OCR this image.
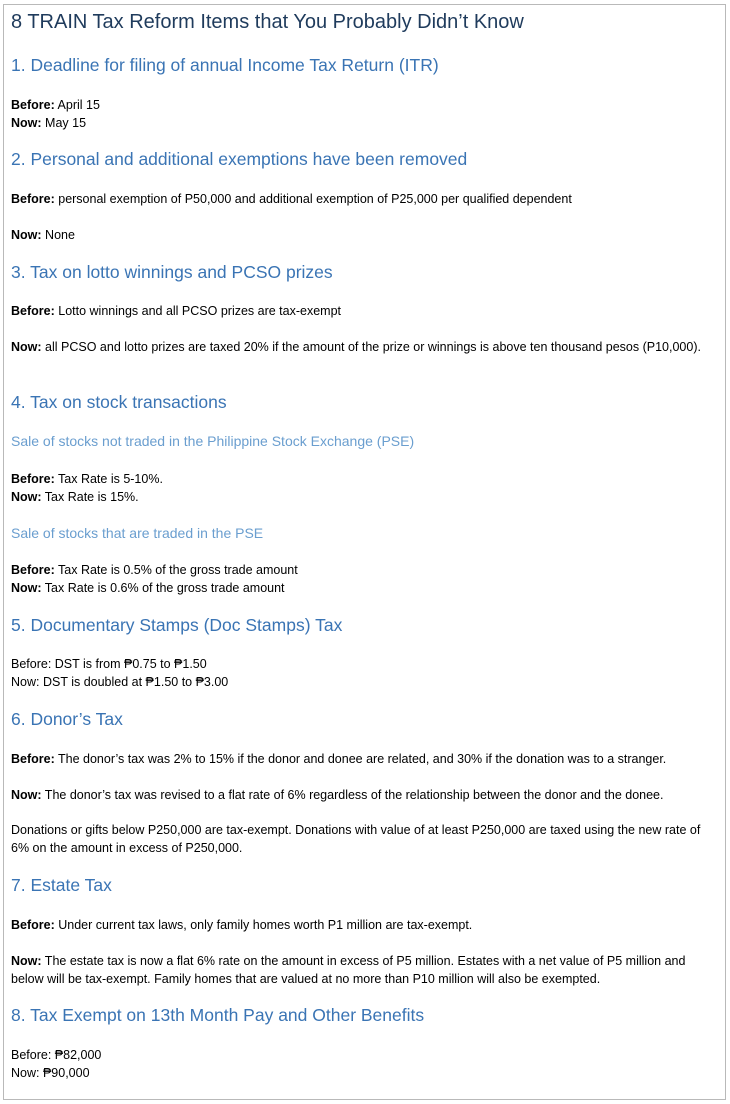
8 TRAIN Tax Reform Items that You Probably Didn’t Know
1. Deadline for filing of annual Income Tax Return (ITR)

Before: April 15

Now: May 15

2. Personal and additional exemptions have been removed

Before: personal exemption of P50,000 and additional exemption of P25,000 per qualified dependent

Now: None

3. Tax on lotto winnings and PCSO prizes

Before: Lotto winnings and all PCSO prizes are tax-exempt

Now: all PCSO and lotto prizes are taxed 20% if the amount of the prize or winnings is above ten thousand pesos (P10,000).

4. Tax on stock transactions
Sale of stocks not traded in the Philippine Stock Exchange (PSE)

Before: Tax Rate is 5-10%.

Now: Tax Rate is 15%.

Sale of stocks that are traded in the PSE

Before: Tax Rate is 0.5% of the gross trade amount

Now: Tax Rate is 0.6% of the gross trade amount

5. Documentary Stamps (Doc Stamps) Tax

Before: DST is from ₱0.75 to ₱1.50

Now: DST is doubled at ₱1.50 to ₱3.00

6. Donor’s Tax

Before: The donor’s tax was 2% to 15% if the donor and donee are related, and 30% if the donation was to a stranger.

Now: The donor’s tax was revised to a flat rate of 6% regardless of the relationship between the donor and the donee.

Donations or gifts below P250,000 are tax-exempt. Donations with value of at least P250,000 are taxed using the new rate of 6% on the amount in excess of P250,000.

7. Estate Tax

Before: Under current tax laws, only family homes worth P1 million are tax-exempt.

Now: The estate tax is now a flat 6% rate on the amount in excess of P5 million. Estates with a net value of P5 million and below will be tax-exempt. Family homes that are valued at no more than P10 million will also be exempted.

8. Tax Exempt on 13th Month Pay and Other Benefits

Before: ₱82,000

Now: ₱90,000
